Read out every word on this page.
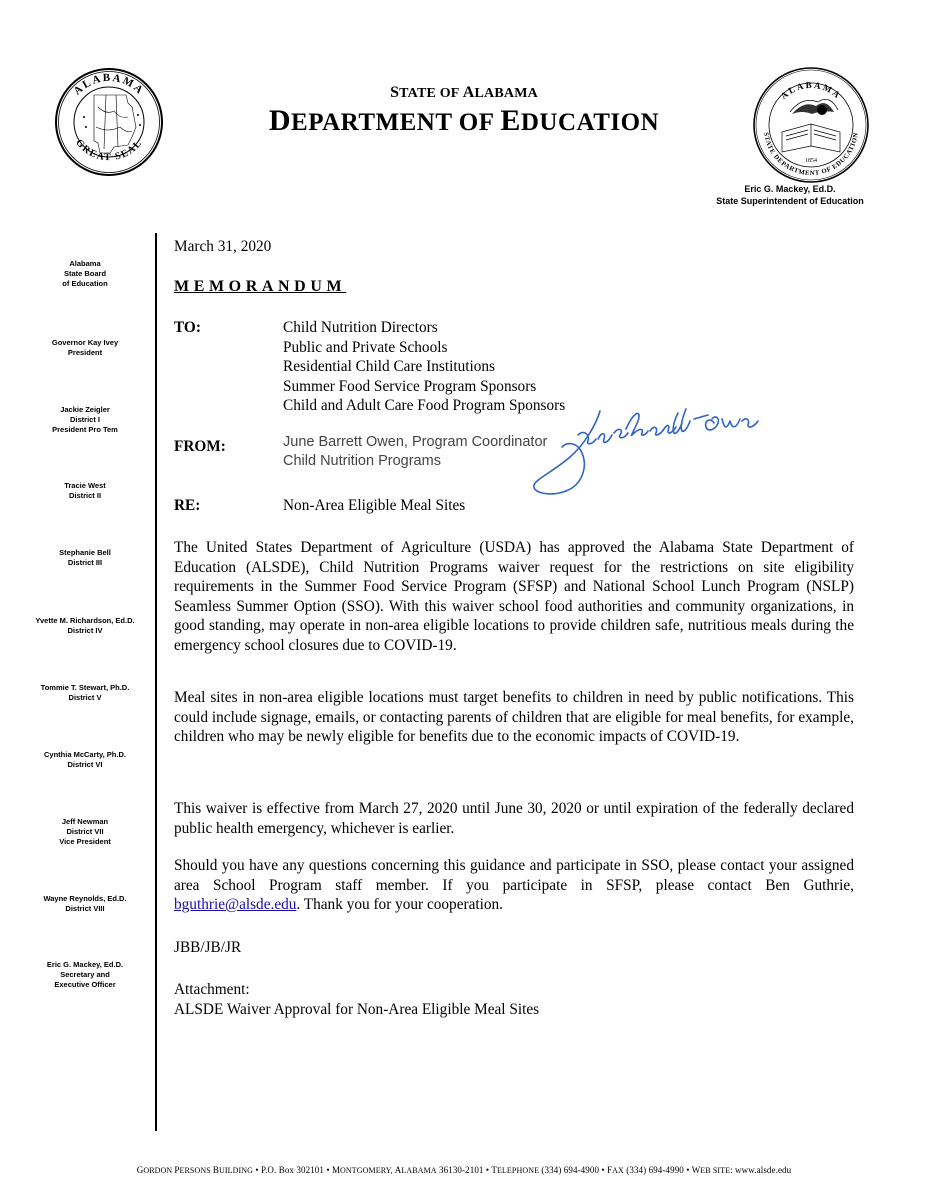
ALABAMA
GREAT SEAL
ALABAMA
STATE DEPARTMENT OF EDUCATION
1854
STATE OF ALABAMA
DEPARTMENT OF EDUCATION
Eric G. Mackey, Ed.D.
State Superintendent of Education
Alabama
State Board
of Education
Governor Kay Ivey
President
Jackie Zeigler
District I
President Pro Tem
Tracie West
District II
Stephanie Bell
District III
Yvette M. Richardson, Ed.D.
District IV
Tommie T. Stewart, Ph.D.
District V
Cynthia McCarty, Ph.D.
District VI
Jeff Newman
District VII
Vice President
Wayne Reynolds, Ed.D.
District VIII
Eric G. Mackey, Ed.D.
Secretary and
Executive Officer
March 31, 2020
MEMORANDUM
TO:	Child Nutrition Directors
Public and Private Schools
Residential Child Care Institutions
Summer Food Service Program Sponsors
Child and Adult Care Food Program Sponsors
FROM:	June Barrett Owen, Program Coordinator
Child Nutrition Programs
RE:	Non-Area Eligible Meal Sites
The United States Department of Agriculture (USDA) has approved the Alabama State Department of Education (ALSDE), Child Nutrition Programs waiver request for the restrictions on site eligibility requirements in the Summer Food Service Program (SFSP) and National School Lunch Program (NSLP) Seamless Summer Option (SSO). With this waiver school food authorities and community organizations, in good standing, may operate in non-area eligible locations to provide children safe, nutritious meals during the emergency school closures due to COVID-19.
Meal sites in non-area eligible locations must target benefits to children in need by public notifications. This could include signage, emails, or contacting parents of children that are eligible for meal benefits, for example, children who may be newly eligible for benefits due to the economic impacts of COVID-19.
This waiver is effective from March 27, 2020 until June 30, 2020 or until expiration of the federally declared public health emergency, whichever is earlier.
Should you have any questions concerning this guidance and participate in SSO, please contact your assigned area School Program staff member. If you participate in SFSP, please contact Ben Guthrie, bguthrie@alsde.edu. Thank you for your cooperation.
JBB/JB/JR
Attachment:
ALSDE Waiver Approval for Non-Area Eligible Meal Sites
GORDON PERSONS BUILDING • P.O. Box 302101 • MONTGOMERY, ALABAMA 36130-2101 • TELEPHONE (334) 694-4900 • FAX (334) 694-4990 • WEB SITE: www.alsde.edu
